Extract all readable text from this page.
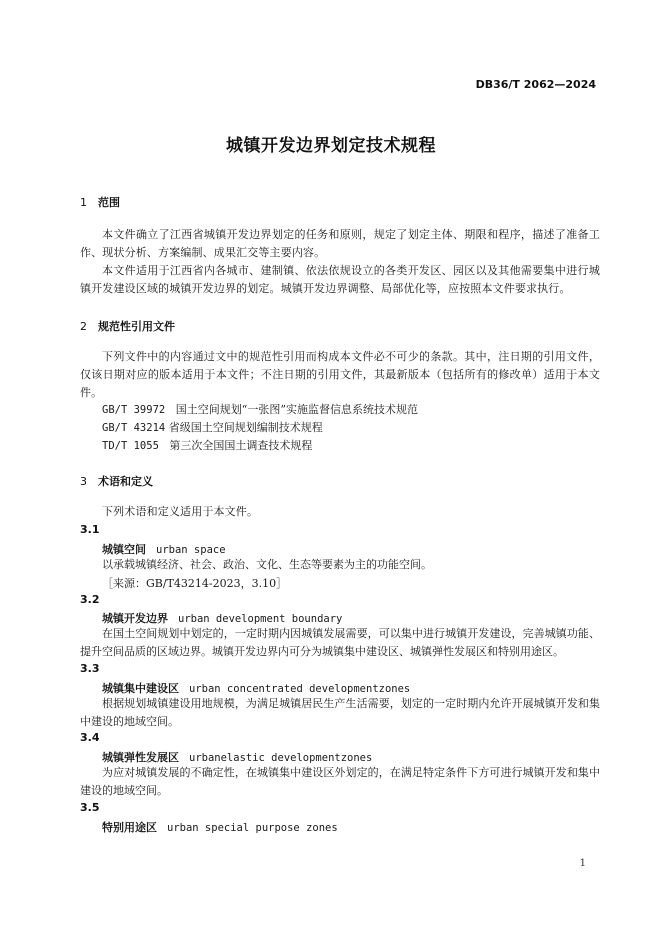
DB36/T 2062—2024
城镇开发边界划定技术规程
1 范围
本文件确立了江西省城镇开发边界划定的任务和原则，规定了划定主体、期限和程序，描述了准备工作、现状分析、方案编制、成果汇交等主要内容。
本文件适用于江西省内各城市、建制镇、依法依规设立的各类开发区、园区以及其他需要集中进行城镇开发建设区域的城镇开发边界的划定。城镇开发边界调整、局部优化等，应按照本文件要求执行。
2 规范性引用文件
下列文件中的内容通过文中的规范性引用而构成本文件必不可少的条款。其中，注日期的引用文件，仅该日期对应的版本适用于本文件；不注日期的引用文件，其最新版本（包括所有的修改单）适用于本文件。
GB/T 39972 国土空间规划“一张图”实施监督信息系统技术规范
GB/T 43214 省级国土空间规划编制技术规程
TD/T 1055 第三次全国国土调查技术规程
3 术语和定义
下列术语和定义适用于本文件。
3.1
城镇空间 urban space
以承载城镇经济、社会、政治、文化、生态等要素为主的功能空间。
［来源：GB/T43214-2023，3.10］
3.2
城镇开发边界 urban development boundary
在国土空间规划中划定的，一定时期内因城镇发展需要，可以集中进行城镇开发建设，完善城镇功能、提升空间品质的区域边界。城镇开发边界内可分为城镇集中建设区、城镇弹性发展区和特别用途区。
3.3
城镇集中建设区 urban concentrated developmentzones
根据规划城镇建设用地规模，为满足城镇居民生产生活需要，划定的一定时期内允许开展城镇开发和集中建设的地域空间。
3.4
城镇弹性发展区 urbanelastic developmentzones
为应对城镇发展的不确定性，在城镇集中建设区外划定的，在满足特定条件下方可进行城镇开发和集中建设的地域空间。
3.5
特别用途区 urban special purpose zones
1
